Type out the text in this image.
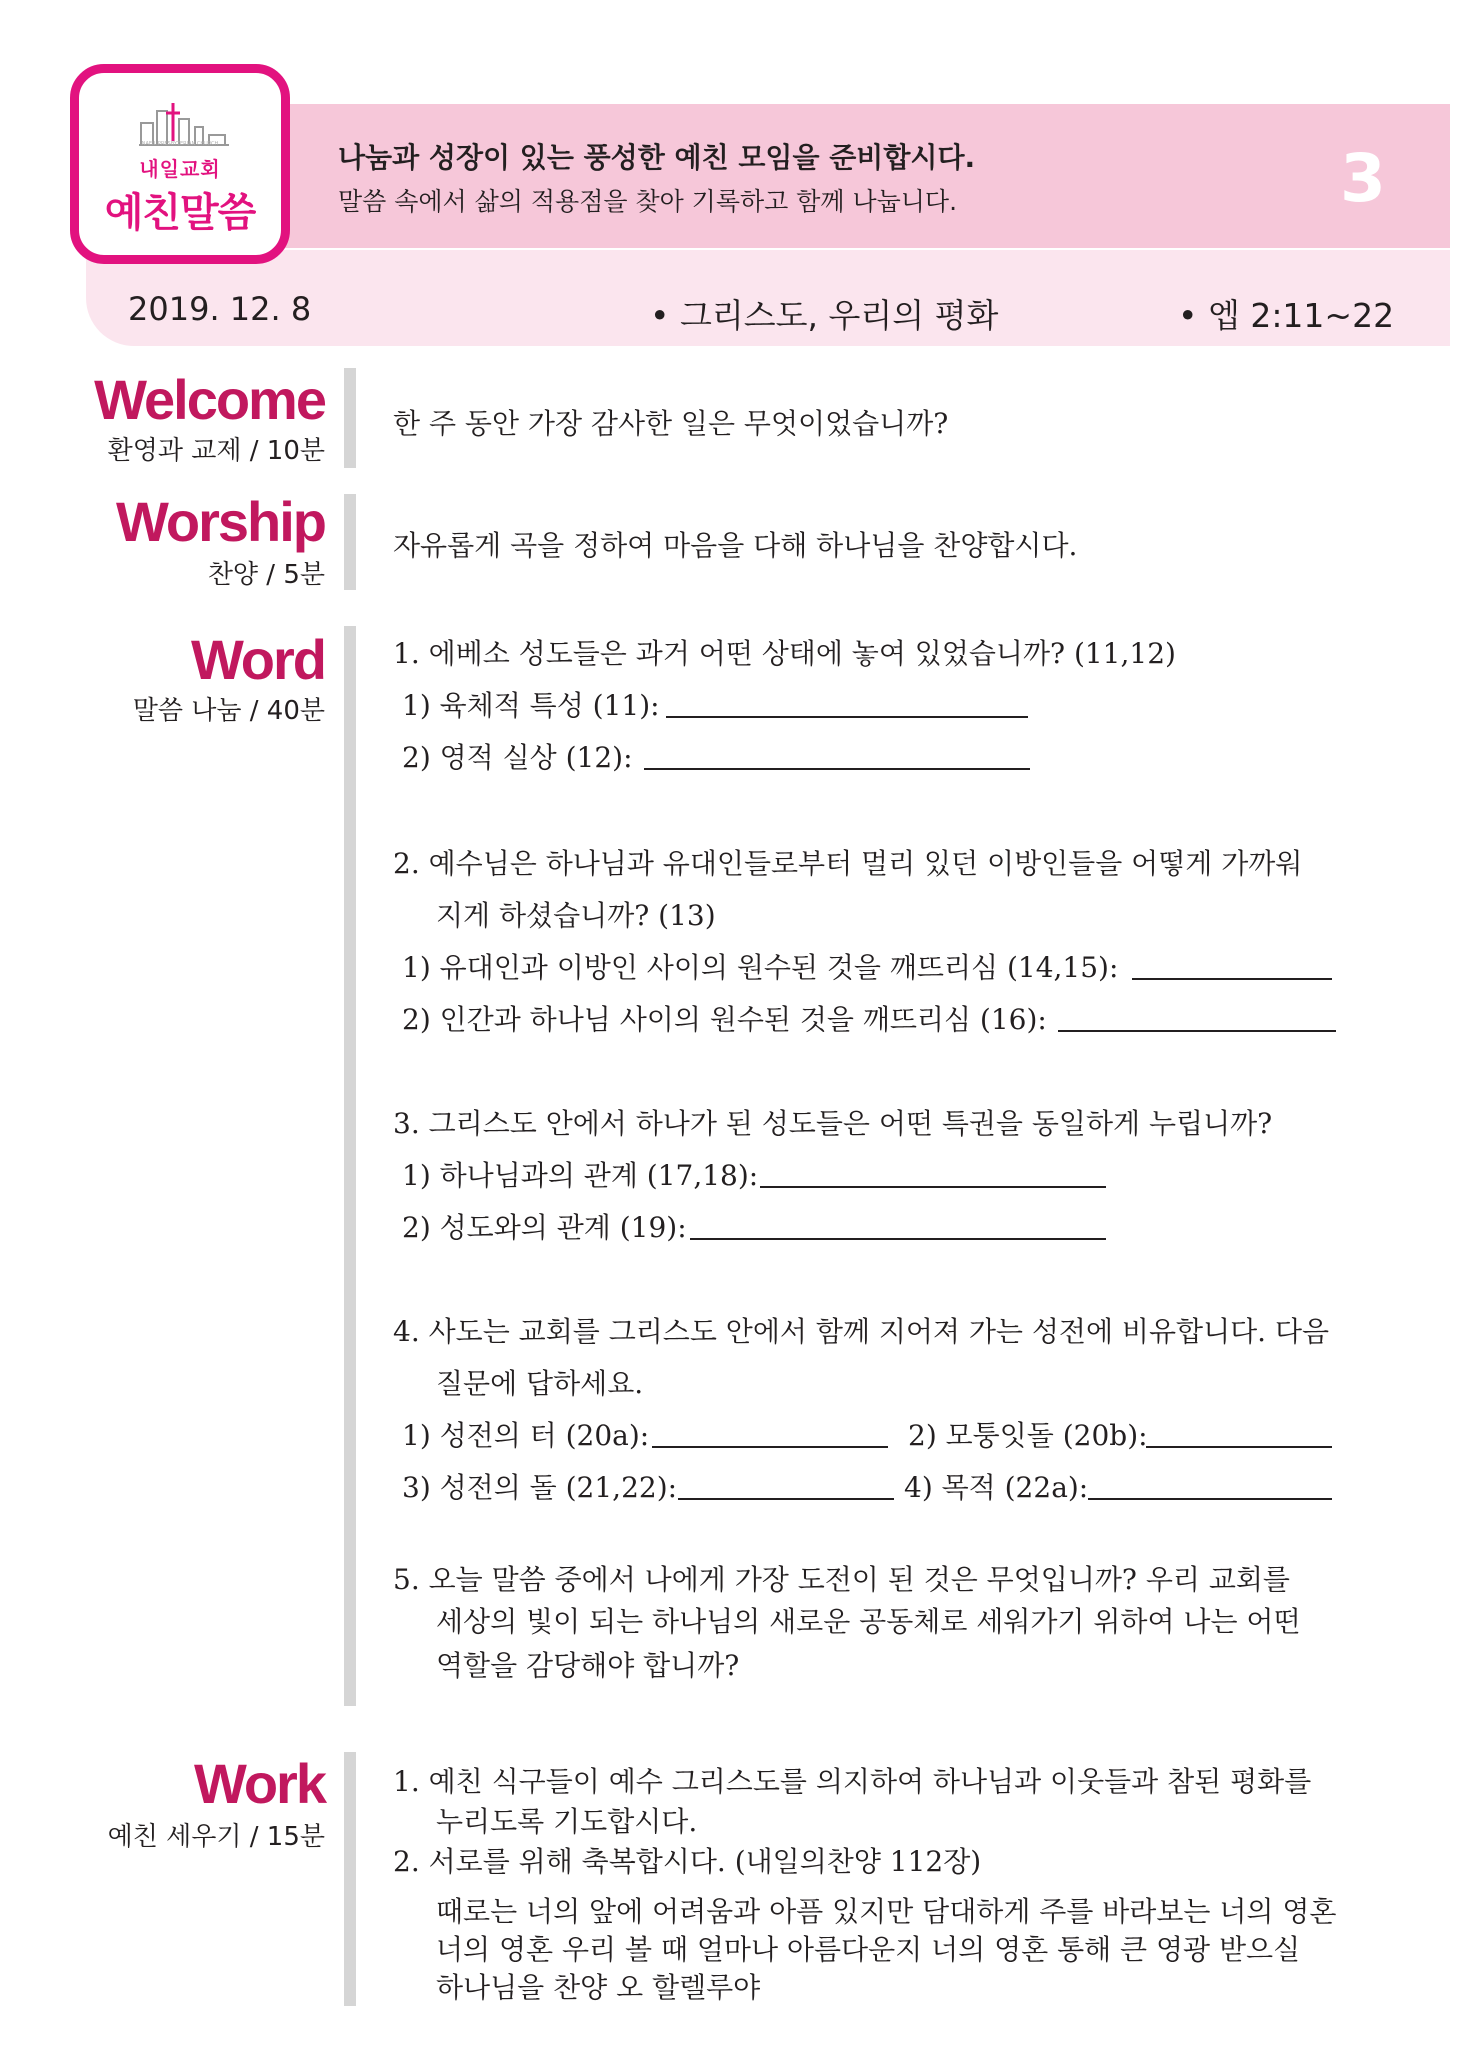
NAEIL PRESBYTERIAN CHURCH
내일교회
예친말씀
나눔과 성장이 있는 풍성한 예친 모임을 준비합시다.
말씀 속에서 삶의 적용점을 찾아 기록하고 함께 나눕니다.	3
2019. 12. 8	• 그리스도, 우리의 평화	• 엡 2:11~22
Welcome
환영과 교제 / 10분
한 주 동안 가장 감사한 일은 무엇이었습니까?
Worship
찬양 / 5분
자유롭게 곡을 정하여 마음을 다해 하나님을 찬양합시다.
Word
말씀 나눔 / 40분
1. 에베소 성도들은 과거 어떤 상태에 놓여 있었습니까? (11,12)
1) 육체적 특성 (11):
2) 영적 실상 (12):
2. 예수님은 하나님과 유대인들로부터 멀리 있던 이방인들을 어떻게 가까워
지게 하셨습니까? (13)
1) 유대인과 이방인 사이의 원수된 것을 깨뜨리심 (14,15):
2) 인간과 하나님 사이의 원수된 것을 깨뜨리심 (16):
3. 그리스도 안에서 하나가 된 성도들은 어떤 특권을 동일하게 누립니까?
1) 하나님과의 관계 (17,18):
2) 성도와의 관계 (19):
4. 사도는 교회를 그리스도 안에서 함께 지어져 가는 성전에 비유합니다. 다음
질문에 답하세요.
1) 성전의 터 (20a):	2) 모퉁잇돌 (20b):
3) 성전의 돌 (21,22):	4) 목적 (22a):
5. 오늘 말씀 중에서 나에게 가장 도전이 된 것은 무엇입니까? 우리 교회를
세상의 빛이 되는 하나님의 새로운 공동체로 세워가기 위하여 나는 어떤
역할을 감당해야 합니까?
Work
예친 세우기 / 15분
1. 예친 식구들이 예수 그리스도를 의지하여 하나님과 이웃들과 참된 평화를
누리도록 기도합시다.
2. 서로를 위해 축복합시다. (내일의찬양 112장)
때로는 너의 앞에 어려움과 아픔 있지만 담대하게 주를 바라보는 너의 영혼
너의 영혼 우리 볼 때 얼마나 아름다운지 너의 영혼 통해 큰 영광 받으실
하나님을 찬양 오 할렐루야
